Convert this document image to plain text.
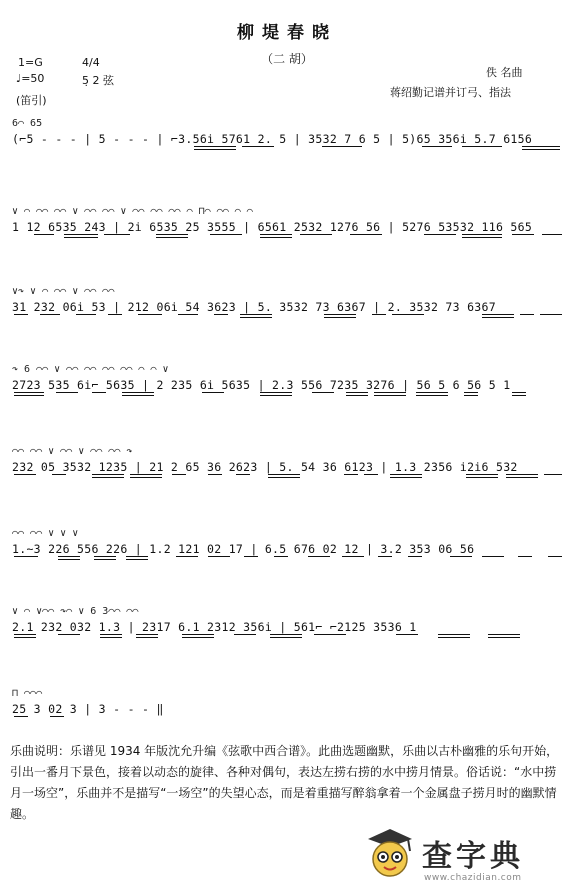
柳堤春晓
（二 胡）
1=G	4/4
♩=50	5̣ 2 弦
(笛引)
佚 名曲
蒋绍勤记谱并订弓、指法
6⌒ 65
(⌐5 - - - | 5 - - - | ⌐3.56i̇ 5761 2. 5 | 3532 7 6 5 | 5)65 356i̇ 5.7 6156
∨ ⌒ ⌒⌒ ⌒⌒ ∨ ⌒⌒ ⌒⌒ ∨ ⌒⌒ ⌒⌒ ⌒⌒ ⌒ ⊓⌒ ⌒⌒ ⌒ ⌒
1 12 6535 243 | 2i̇ 6535 25 3555 | 6561 2532 1276 56 | 5276 53532 116 565
∨↷ ∨ ⌒ ⌒⌒ ∨ ⌒⌒ ⌒⌒
31 232 06i̇ 53 | 212 06i̇ 54 3623 | 5. 3532 73 6367 | 2. 3532 73 6367
↷ 6 ⌒⌒ ∨ ⌒⌒ ⌒⌒ ⌒⌒ ⌒⌒ ⌒ ⌒ ∨
2723 535 6i̇⌐ 5635 | 2 235 6i̇ 5635 | 2.3 556 7235 3276 | 56 5 6 56 5 1
⌒⌒ ⌒⌒ ∨ ⌒⌒ ∨ ⌒⌒ ⌒⌒ ↷
232 05 3532 1235 | 21 2 65 36 2623 | 5. 54 36 6123 | 1.3 2356 i̇2i̇6 532
⌒⌒ ⌒⌒ ∨ ∨ ∨
1.~3 226 556 226 | 1.2 121 02 17 | 6.5 676 02 12 | 3.2 353 06 56
∨ ⌒ ∨⌒⌒ ↷⌒ ∨ 6 3⌒⌒ ⌒⌒
2.1 232 032 1.3 | 2317 6.1 2312 356i̇ | 561⌐ ⌐2125 3536 1
⊓ ⌒⌒⌒
25 3 02 3 | 3 - - - ‖
乐曲说明：乐谱见 1934 年版沈允升编《弦歌中西合谱》。此曲选题幽默，乐曲以古朴幽雅的乐句开始，引出一番月下景色，接着以动态的旋律、各种对偶句，表达左捞右捞的水中捞月情景。俗话说：“水中捞月一场空”，乐曲并不是描写“一场空”的失望心态，而是着重描写醉翁拿着一个金属盘子捞月时的幽默情趣。
查字典
www.chazidian.com
